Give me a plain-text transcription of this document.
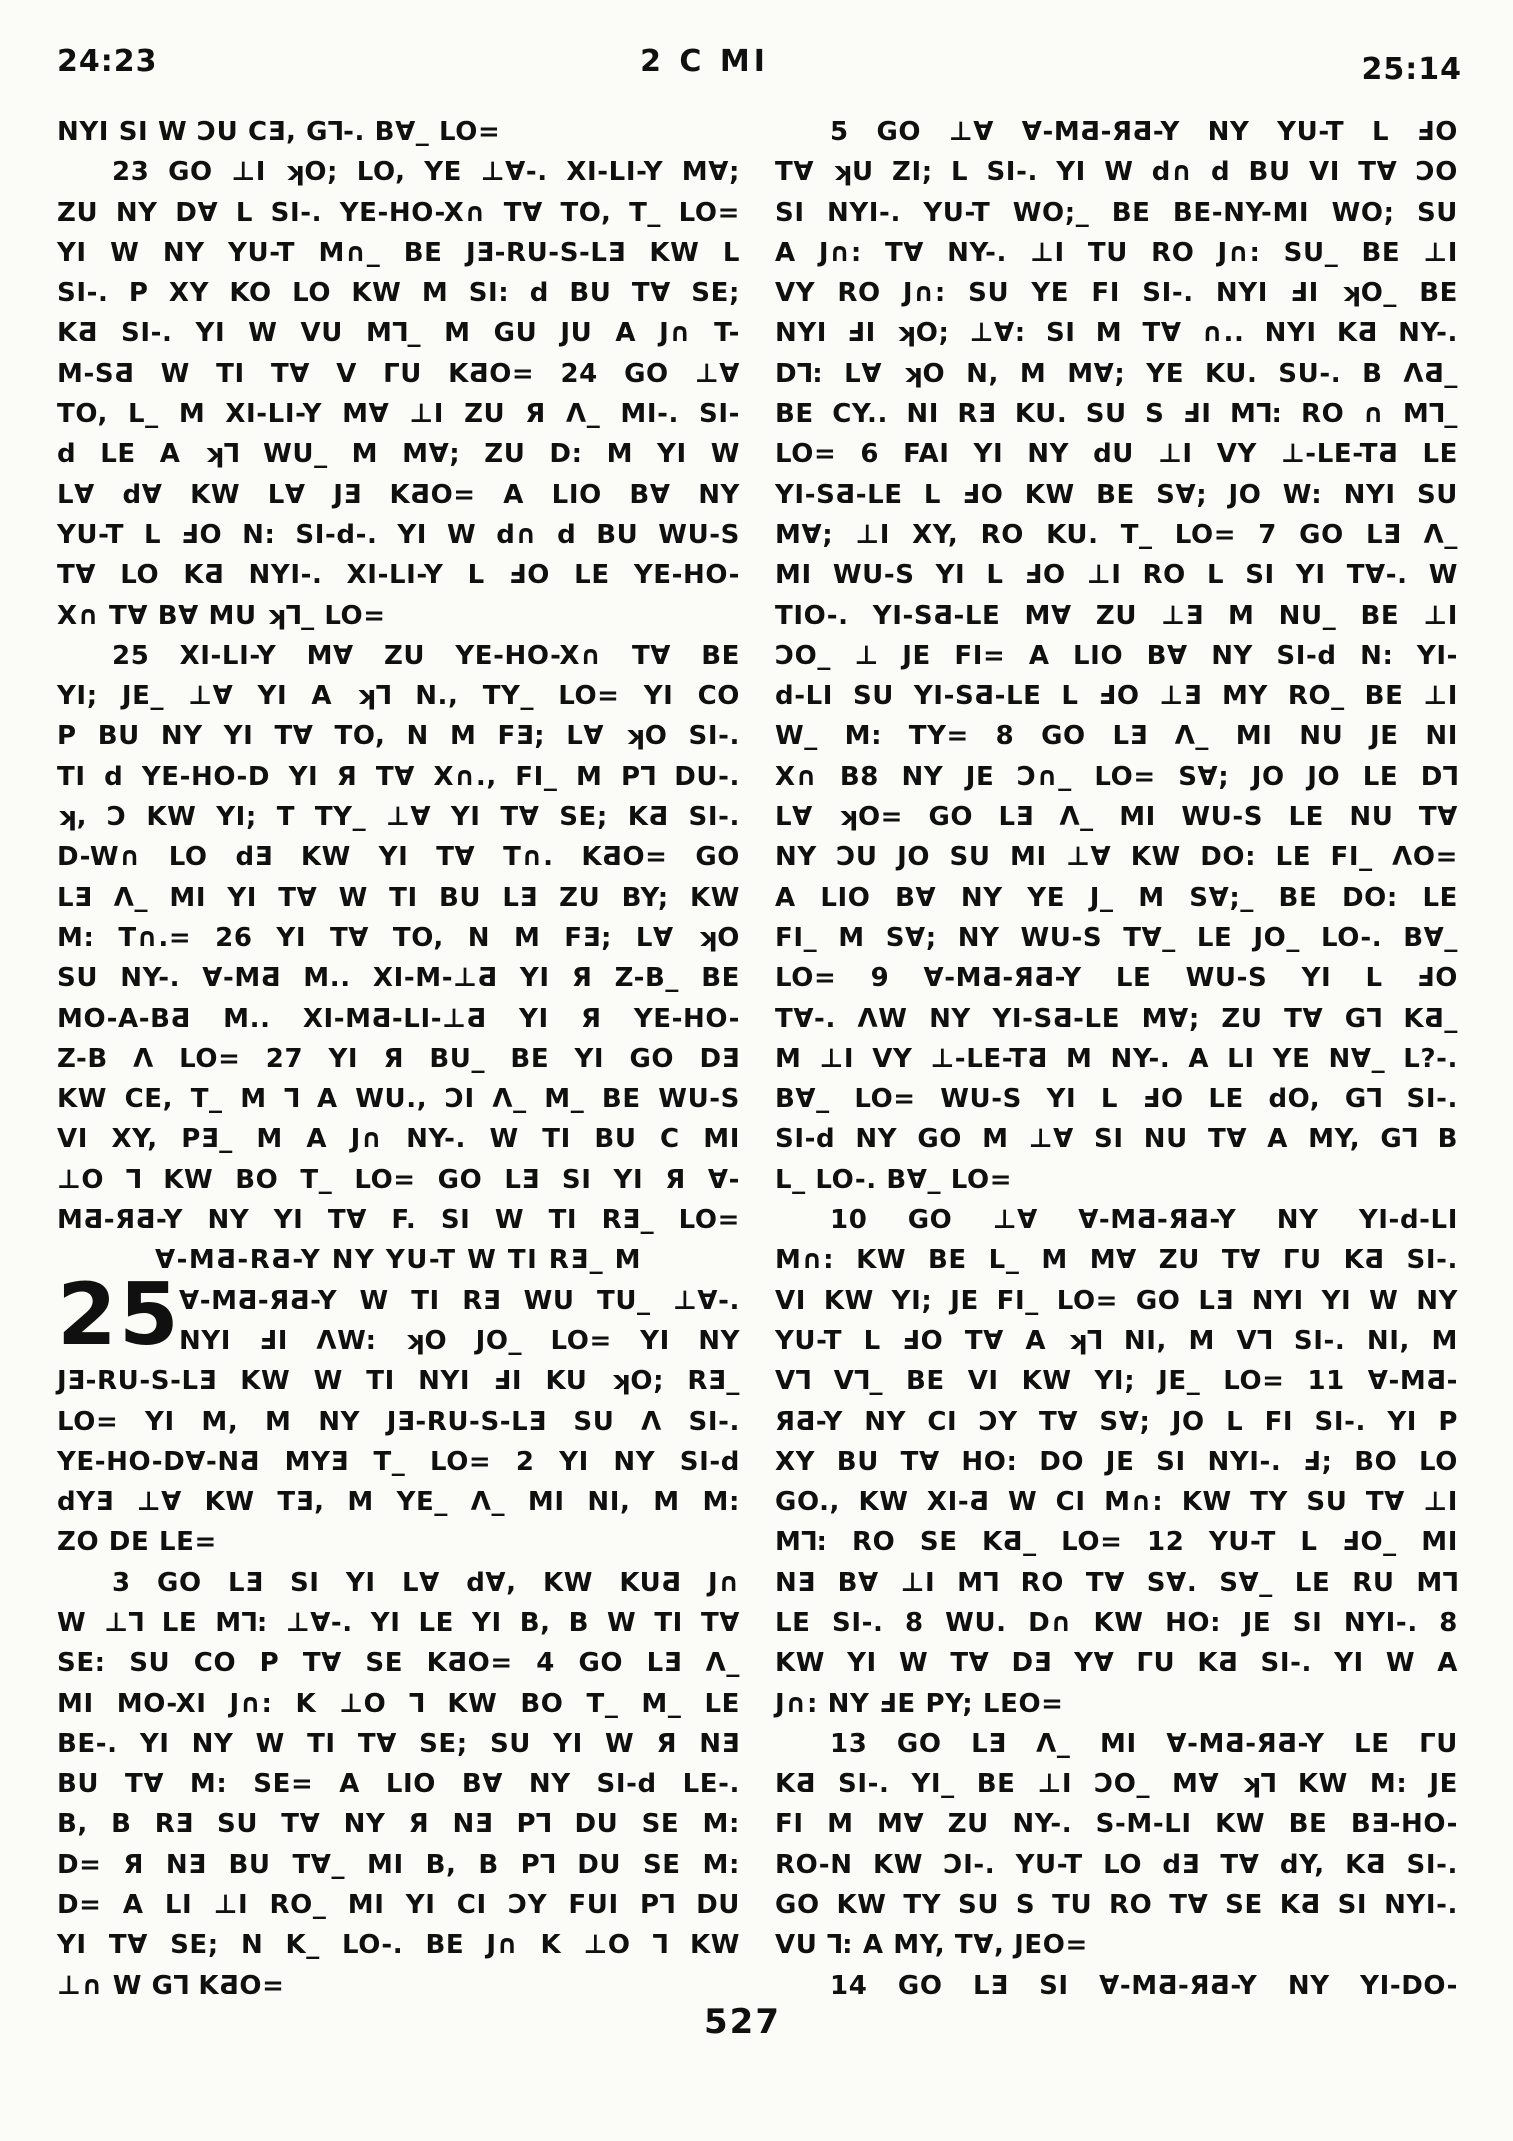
24:23	2 C MI	25:14
25
NYI SI W ƆU CƎ, G⅂-. B∀_ LO=
23 GO ⊥I ʞO; LO, YE ⊥∀-. XI-LI-Y M∀;
ZU NY D∀ L SI-. YE-HO-X∩ T∀ TO, T_ LO=
YI W NY YU-T M∩_ BE JƎ-RU-S-LƎ KW L
SI-. P XY KO LO KW M SI: d BU T∀ SE;
KƋ SI-. YI W VU M⅂_ M GU JU A J∩ T-
M-SƋ W TI T∀ V ΓU KƋO= 24 GO ⊥∀
TO, L_ M XI-LI-Y M∀ ⊥I ZU Я Λ_ MI-. SI-
d LE A ʞ⅂ WU_ M M∀; ZU D: M YI W
L∀ d∀ KW L∀ JƎ KƋO= A LIO B∀ NY
YU-T L ℲO N: SI-d-. YI W d∩ d BU WU-S
T∀ LO KƋ NYI-. XI-LI-Y L ℲO LE YE-HO-
X∩ T∀ B∀ MU ʞ⅂_ LO=
25 XI-LI-Y M∀ ZU YE-HO-X∩ T∀ BE
YI; JE_ ⊥∀ YI A ʞ⅂ N., TY_ LO= YI CO
P BU NY YI T∀ TO, N M FƎ; L∀ ʞO SI-.
TI d YE-HO-D YI Я T∀ X∩., FI_ M P⅂ DU-.
ʞ, Ɔ KW YI; T TY_ ⊥∀ YI T∀ SE; KƋ SI-.
D-W∩ LO dƎ KW YI T∀ T∩. KƋO= GO
LƎ Λ_ MI YI T∀ W TI BU LƎ ZU BY; KW
M: T∩.= 26 YI T∀ TO, N M FƎ; L∀ ʞO
SU NY-. ∀-MƋ M.. XI-M-⊥Ƌ YI Я Z-B_ BE
MO-A-BƋ M.. XI-MƋ-LI-⊥Ƌ YI Я YE-HO-
Z-B Λ LO= 27 YI Я BU_ BE YI GO DƎ
KW CE, T_ M ⅂ A WU., ƆI Λ_ M_ BE WU-S
VI XY, PƎ_ M A J∩ NY-. W TI BU C MI
⊥O ⅂ KW BO T_ LO= GO LƎ SI YI Я ∀-
MƋ-ЯƋ-Y NY YI T∀ F. SI W TI RƎ_ LO=
∀-MƋ-RƋ-Y NY YU-T W TI RƎ_ M
∀-MƋ-ЯƋ-Y W TI RƎ WU TU_ ⊥∀-.
NYI ℲI ΛW: ʞO JO_ LO= YI NY
JƎ-RU-S-LƎ KW W TI NYI ℲI KU ʞO; RƎ_
LO= YI M, M NY JƎ-RU-S-LƎ SU Λ SI-.
YE-HO-D∀-NƋ MYƎ T_ LO= 2 YI NY SI-d
dYƎ ⊥∀ KW TƎ, M YE_ Λ_ MI NI, M M:
ZO DE LE=
3 GO LƎ SI YI L∀ d∀, KW KUƋ J∩
W ⊥⅂ LE M⅂: ⊥∀-. YI LE YI B, B W TI T∀
SE: SU CO P T∀ SE KƋO= 4 GO LƎ Λ_
MI MO-XI J∩: K ⊥O ⅂ KW BO T_ M_ LE
BE-. YI NY W TI T∀ SE; SU YI W Я NƎ
BU T∀ M: SE= A LIO B∀ NY SI-d LE-.
B, B RƎ SU T∀ NY Я NƎ P⅂ DU SE M:
D= Я NƎ BU T∀_ MI B, B P⅂ DU SE M:
D= A LI ⊥I RO_ MI YI CI ƆY FUI P⅂ DU
YI T∀ SE; N K_ LO-. BE J∩ K ⊥O ⅂ KW
⊥∩ W G⅂ KƋO=
5 GO ⊥∀ ∀-MƋ-ЯƋ-Y NY YU-T L ℲO
T∀ ʞU ZI; L SI-. YI W d∩ d BU VI T∀ ƆO
SI NYI-. YU-T WO;_ BE BE-NY-MI WO; SU
A J∩: T∀ NY-. ⊥I TU RO J∩: SU_ BE ⊥I
VY RO J∩: SU YE FI SI-. NYI ℲI ʞO_ BE
NYI ℲI ʞO; ⊥∀: SI M T∀ ∩.. NYI KƋ NY-.
D⅂: L∀ ʞO N, M M∀; YE KU. SU-. B ΛƋ_
BE CY.. NI RƎ KU. SU S ℲI M⅂: RO ∩ M⅂_
LO= 6 FAI YI NY dU ⊥I VY ⊥-LE-TƋ LE
YI-SƋ-LE L ℲO KW BE S∀; JO W: NYI SU
M∀; ⊥I XY, RO KU. T_ LO= 7 GO LƎ Λ_
MI WU-S YI L ℲO ⊥I RO L SI YI T∀-. W
TIO-. YI-SƋ-LE M∀ ZU ⊥Ǝ M NU_ BE ⊥I
ƆO_ ⊥ JE FI= A LIO B∀ NY SI-d N: YI-
d-LI SU YI-SƋ-LE L ℲO ⊥Ǝ MY RO_ BE ⊥I
W_ M: TY= 8 GO LƎ Λ_ MI NU JE NI
X∩ B8 NY JE Ɔ∩_ LO= S∀; JO JO LE D⅂
L∀ ʞO= GO LƎ Λ_ MI WU-S LE NU T∀
NY ƆU JO SU MI ⊥∀ KW DO: LE FI_ ΛO=
A LIO B∀ NY YE J_ M S∀;_ BE DO: LE
FI_ M S∀; NY WU-S T∀_ LE JO_ LO-. B∀_
LO= 9 ∀-MƋ-ЯƋ-Y LE WU-S YI L ℲO
T∀-. ΛW NY YI-SƋ-LE M∀; ZU T∀ G⅂ KƋ_
M ⊥I VY ⊥-LE-TƋ M NY-. A LI YE N∀_ L?-.
B∀_ LO= WU-S YI L ℲO LE dO, G⅂ SI-.
SI-d NY GO M ⊥∀ SI NU T∀ A MY, G⅂ B
L_ LO-. B∀_ LO=
10 GO ⊥∀ ∀-MƋ-ЯƋ-Y NY YI-d-LI
M∩: KW BE L_ M M∀ ZU T∀ ΓU KƋ SI-.
VI KW YI; JE FI_ LO= GO LƎ NYI YI W NY
YU-T L ℲO T∀ A ʞ⅂ NI, M V⅂ SI-. NI, M
V⅂ V⅂_ BE VI KW YI; JE_ LO= 11 ∀-MƋ-
ЯƋ-Y NY CI ƆY T∀ S∀; JO L FI SI-. YI P
XY BU T∀ HO: DO JE SI NYI-. Ⅎ; BO LO
GO., KW XI-Ƌ W CI M∩: KW TY SU T∀ ⊥I
M⅂: RO SE KƋ_ LO= 12 YU-T L ℲO_ MI
NƎ B∀ ⊥I M⅂ RO T∀ S∀. S∀_ LE RU M⅂
LE SI-. 8 WU. D∩ KW HO: JE SI NYI-. 8
KW YI W T∀ DƎ Y∀ ΓU KƋ SI-. YI W A
J∩: NY ℲE PY; LEO=
13 GO LƎ Λ_ MI ∀-MƋ-ЯƋ-Y LE ΓU
KƋ SI-. YI_ BE ⊥I ƆO_ M∀ ʞ⅂ KW M: JE
FI M M∀ ZU NY-. S-M-LI KW BE BƎ-HO-
RO-N KW ƆI-. YU-T LO dƎ T∀ dY, KƋ SI-.
GO KW TY SU S TU RO T∀ SE KƋ SI NYI-.
VU ⅂: A MY, T∀, JEO=
14 GO LƎ SI ∀-MƋ-ЯƋ-Y NY YI-DO-
527
